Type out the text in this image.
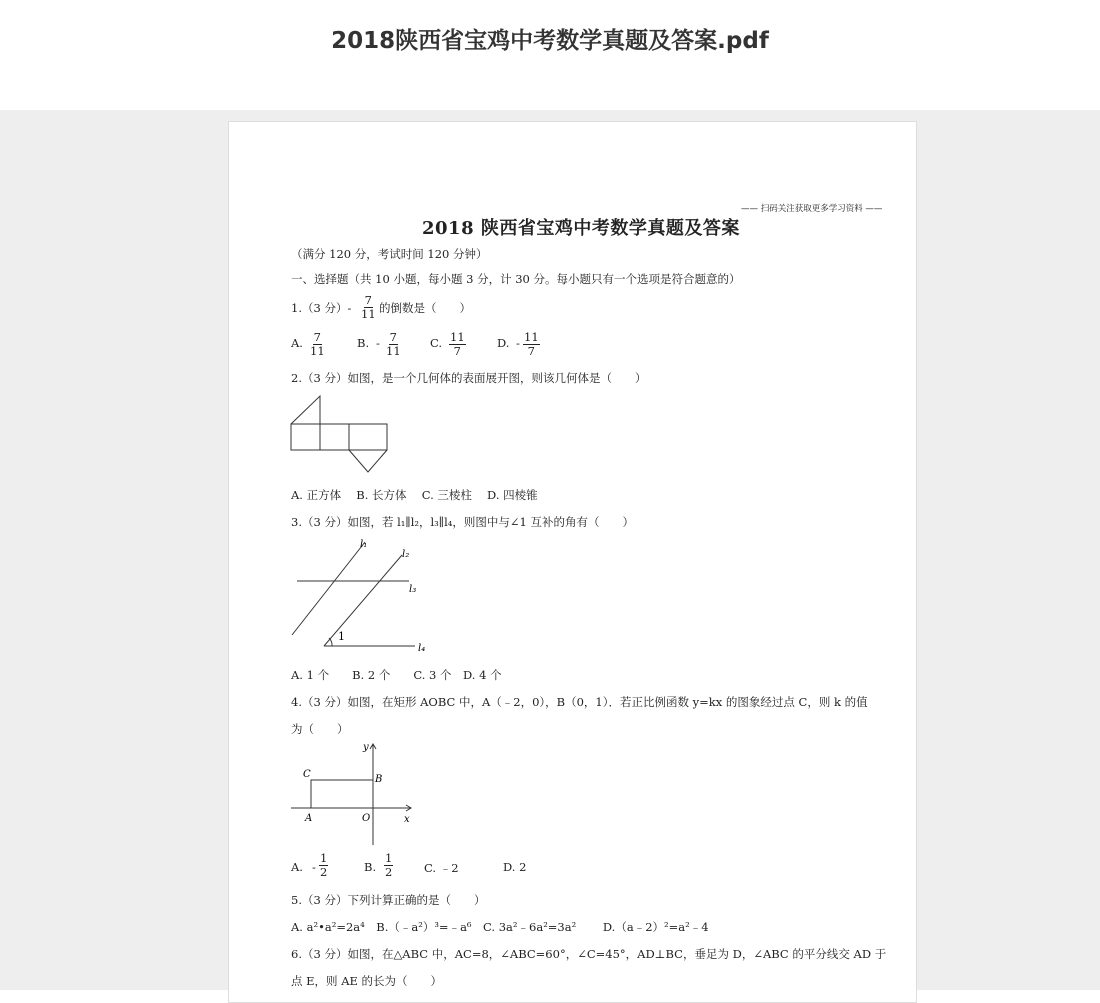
2018陕西省宝鸡中考数学真题及答案.pdf
—— 扫码关注获取更多学习资料 ——
2018 陕西省宝鸡中考数学真题及答案
（满分 120 分，考试时间 120 分钟）
一、选择题（共 10 小题，每小题 3 分，计 30 分。每小题只有一个选项是符合题意的）
1.（3 分）- $\frac{7}{11}$ 的倒数是（　　）
A. $\frac{7}{11}$	B. - $\frac{7}{11} C$. $\frac{11}{7}$	D. - $\frac{11}{7}$
2.（3 分）如图，是一个几何体的表面展开图，则该几何体是（　　）
A. 正方体　 B. 长方体　 C. 三棱柱　 D. 四棱锥
3.（3 分）如图，若 l₁∥l₂，l₃∥l₄，则图中与∠1 互补的角有（　　）
l₁
l₂
l₃
l₄
1
A. 1 个　　B. 2 个　　C. 3 个　D. 4 个
4.（3 分）如图，在矩形 AOBC 中，A（﹣2，0），B（0，1）．若正比例函数 y=kx 的图象经过点 C，则 k 的值
为（　　）
y
x
C	B
A	O
A. - $\frac{1}{2}$	B. $\frac{1}{2}$	C. ﹣2	D. 2
5.（3 分）下列计算正确的是（　　）
A. a²•a²=2a⁴　B.（﹣a²）³=﹣a⁶　C. 3a²﹣6a²=3a²　　 D.（a﹣2）²=a²﹣4
6.（3 分）如图，在△ABC 中，AC=8，∠ABC=60°，∠C=45°，AD⊥BC，垂足为 D，∠ABC 的平分线交 AD 于
点 E，则 AE 的长为（　　）
